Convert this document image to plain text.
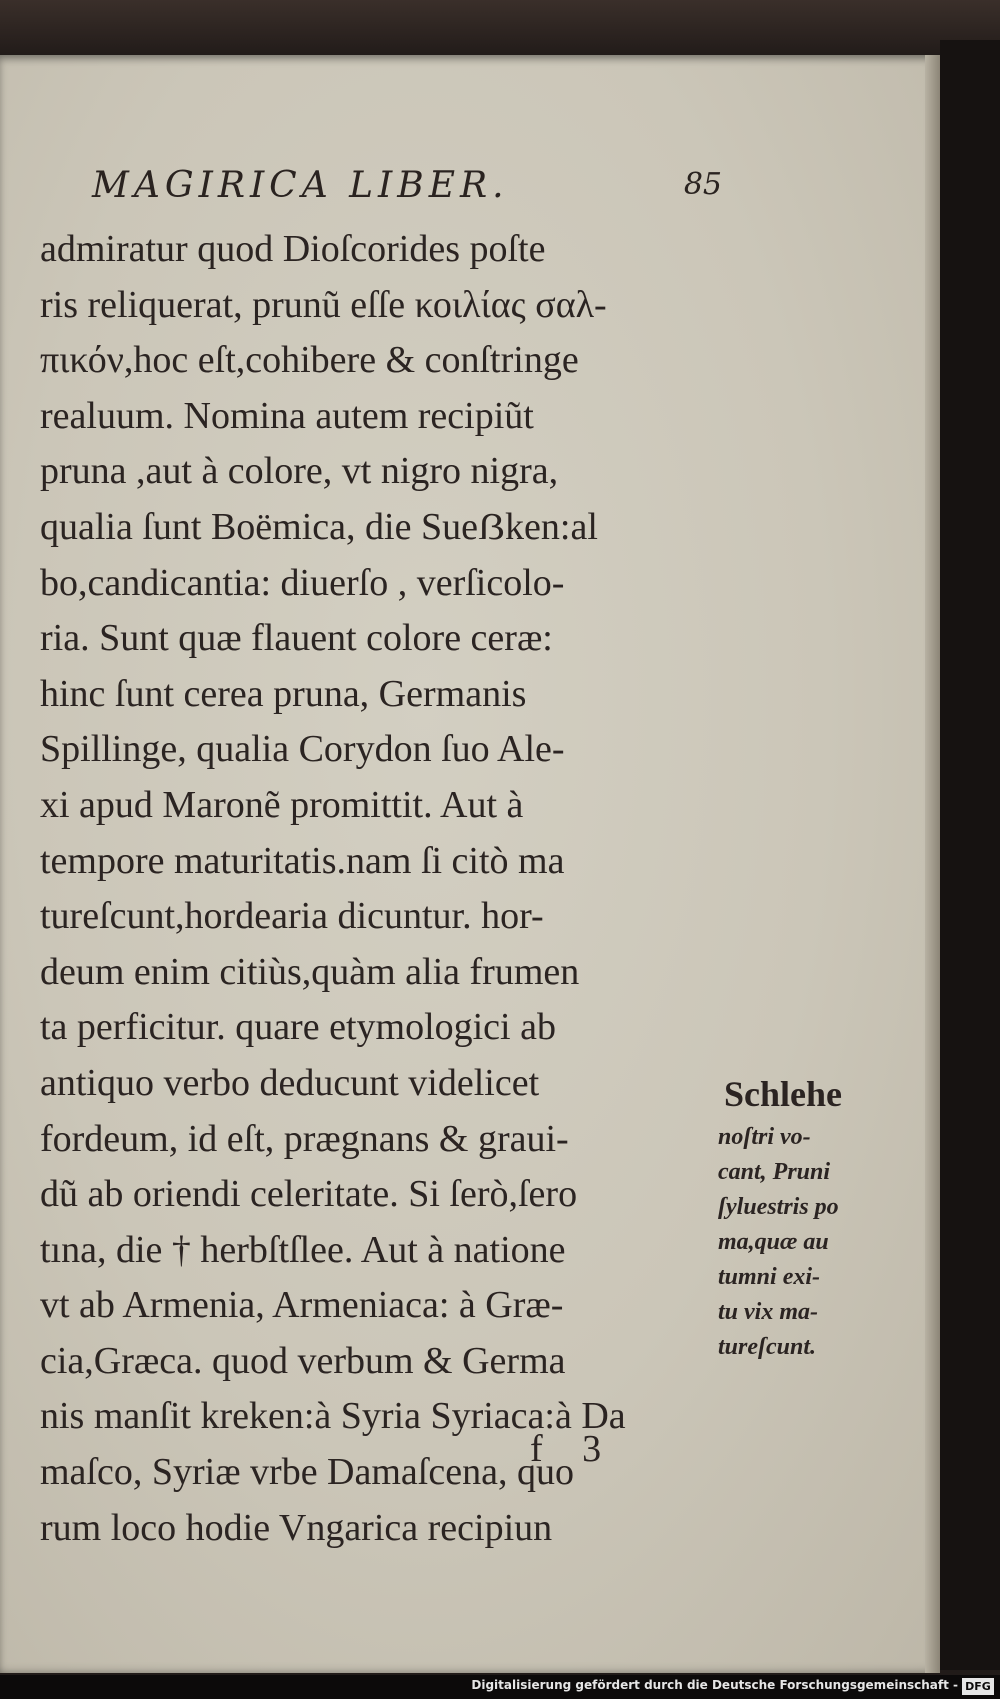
MAGIRICA LIBER.	85
admiratur quod Dioſcorides poſte
ris reliquerat, prunũ eſſe κοιλίας σαλ-
πικόν,hoc eſt,cohibere & conſtringe
realuum. Nomina autem recipiũt
pruna ,aut à colore, vt nigro nigra,
qualia ſunt Boëmica, die Sueẞken:al
bo,candicantia: diuerſo , verſicolo-
ria. Sunt quæ flauent colore ceræ:
hinc ſunt cerea pruna, Germanis
Spillinge, qualia Corydon ſuo Ale-
xi apud Maronẽ promittit. Aut à
tempore maturitatis.nam ſi citò ma
tureſcunt,hordearia dicuntur. hor-
deum enim citiùs,quàm alia frumen
ta perficitur. quare etymologici ab
antiquo verbo deducunt videlicet
fordeum, id eſt, prægnans & graui-
dũ ab oriendi celeritate. Si ſerò,ſero
tına, die † herbſtſlee. Aut à natione
vt ab Armenia, Armeniaca: à Græ-
cia,Græca. quod verbum & Germa
nis manſit kreken:à Syria Syriaca:à Da
maſco, Syriæ vrbe Damaſcena, quo
rum loco hodie Vngarica recipiun
Schlehe
noſtri vo-
cant, Pruni
ſyluestris po
ma,quæ au
tumni exi-
tu vix ma-
tureſcunt.
f 3
Digitalisierung gefördert durch die Deutsche Forschungsgemeinschaft - DFG
